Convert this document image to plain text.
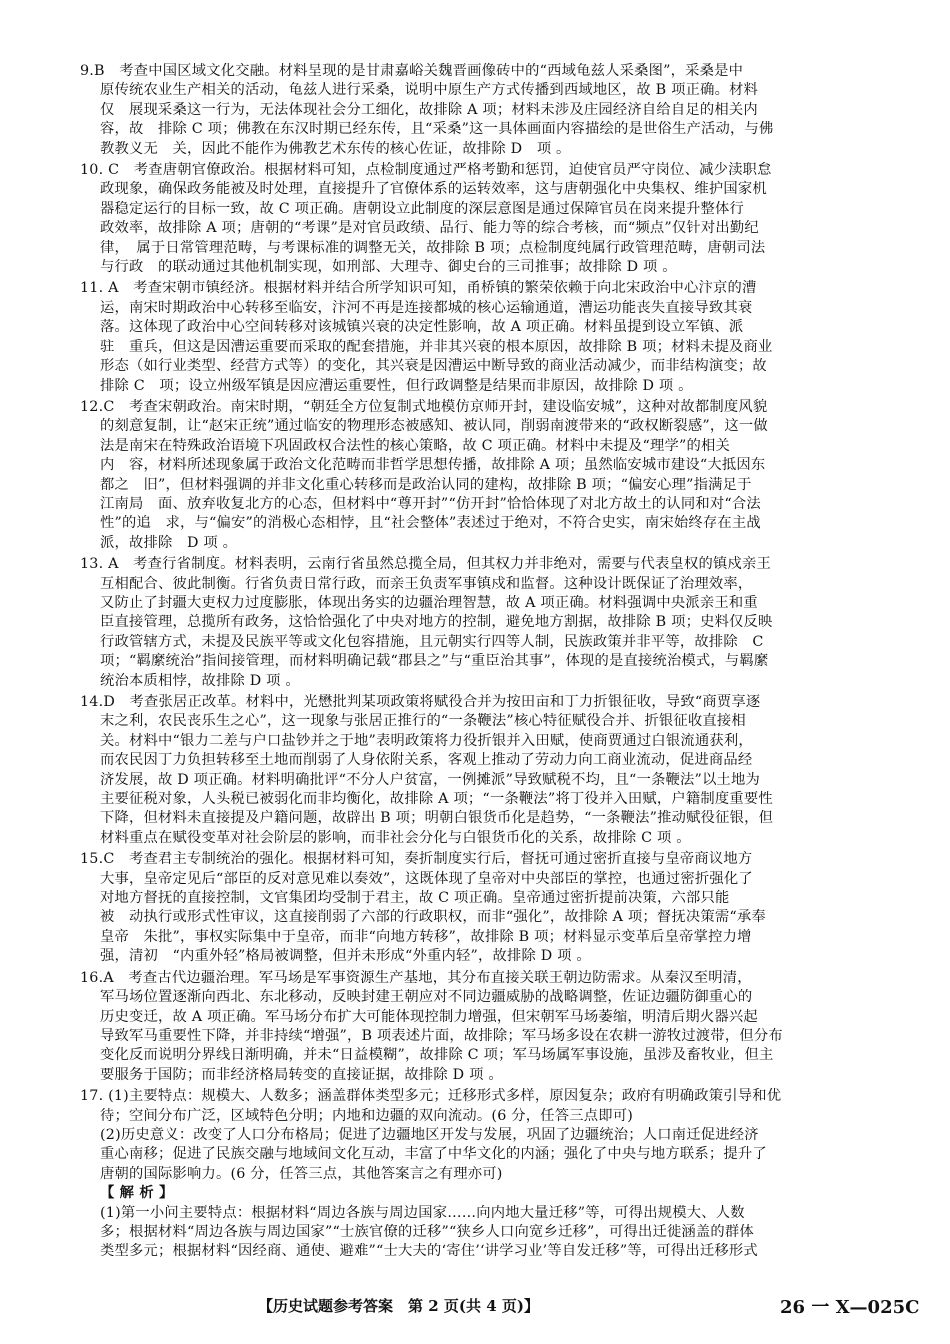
9.B　考查中国区域文化交融。材料呈现的是甘肃嘉峪关魏晋画像砖中的“西域龟兹人采桑图”，采桑是中
原传统农业生产相关的活动，龟兹人进行采桑，说明中原生产方式传播到西域地区，故 B 项正确。材料
仅　展现采桑这一行为，无法体现社会分工细化，故排除 A 项；材料未涉及庄园经济自给自足的相关内
容，故　排除 C 项；佛教在东汉时期已经东传，且“采桑”这一具体画面内容描绘的是世俗生产活动，与佛
教教义无　关，因此不能作为佛教艺术东传的核心佐证，故排除 D　项 。
10. C　考查唐朝官僚政治。根据材料可知，点检制度通过严格考勤和惩罚，迫使官员严守岗位、减少渎职怠
政现象，确保政务能被及时处理，直接提升了官僚体系的运转效率，这与唐朝强化中央集权、维护国家机
器稳定运行的目标一致，故 C 项正确。唐朝设立此制度的深层意图是通过保障官员在岗来提升整体行
政效率，故排除 A 项；唐朝的“考课”是对官员政绩、品行、能力等的综合考核，而“频点”仅针对出勤纪
律，　属于日常管理范畴，与考课标准的调整无关，故排除 B 项；点检制度纯属行政管理范畴，唐朝司法
与行政　的联动通过其他机制实现，如刑部、大理寺、御史台的三司推事；故排除 D 项 。
11. A　考查宋朝市镇经济。根据材料并结合所学知识可知，甬桥镇的繁荣依赖于向北宋政治中心汴京的漕
运，南宋时期政治中心转移至临安，汴河不再是连接都城的核心运输通道，漕运功能丧失直接导致其衰
落。这体现了政治中心空间转移对该城镇兴衰的决定性影响，故 A 项正确。材料虽提到设立军镇、派
驻　重兵，但这是因漕运重要而采取的配套措施，并非其兴衰的根本原因，故排除 B 项；材料未提及商业
形态（如行业类型、经营方式等）的变化，其兴衰是因漕运中断导致的商业活动减少，而非结构演变；故
排除 C　项；设立州级军镇是因应漕运重要性，但行政调整是结果而非原因，故排除 D 项 。
12.C　考查宋朝政治。南宋时期，“朝廷全方位复制式地模仿京师开封，建设临安城”，这种对故都制度风貌
的刻意复制，让“赵宋正统”通过临安的物理形态被感知、被认同，削弱南渡带来的“政权断裂感”，这一做
法是南宋在特殊政治语境下巩固政权合法性的核心策略，故 C 项正确。材料中未提及“理学”的相关
内　容，材料所述现象属于政治文化范畴而非哲学思想传播，故排除 A 项；虽然临安城市建设“大抵因东
都之　旧”，但材料强调的并非文化重心转移而是政治认同的建构，故排除 B 项；“偏安心理”指满足于
江南局　面、放弃收复北方的心态，但材料中“尊开封”“仿开封”恰恰体现了对北方故土的认同和对“合法
性”的追　求，与“偏安”的消极心态相悖，且“社会整体”表述过于绝对，不符合史实，南宋始终存在主战
派，故排除　D 项 。
13. A　考查行省制度。材料表明，云南行省虽然总揽全局，但其权力并非绝对，需要与代表皇权的镇戍亲王
互相配合、彼此制衡。行省负责日常行政，而亲王负责军事镇戍和监督。这种设计既保证了治理效率，
又防止了封疆大吏权力过度膨胀，体现出务实的边疆治理智慧，故 A 项正确。材料强调中央派亲王和重
臣直接管理，总揽所有政务，这恰恰强化了中央对地方的控制，避免地方割据，故排除 B 项；史料仅反映
行政管辖方式，未提及民族平等或文化包容措施，且元朝实行四等人制，民族政策并非平等，故排除　C
项；“羁縻统治”指间接管理，而材料明确记载“郡县之”与“重臣治其事”，体现的是直接统治模式，与羁縻
统治本质相悖，故排除 D 项 。
14.D　考查张居正改革。材料中，光懋批判某项政策将赋役合并为按田亩和丁力折银征收，导致“商贾享逐
末之利，农民丧乐生之心”，这一现象与张居正推行的“一条鞭法”核心特征赋役合并、折银征收直接相
关。材料中“银力二差与户口盐钞并之于地”表明政策将力役折银并入田赋，使商贾通过白银流通获利，
而农民因丁力负担转移至土地而削弱了人身依附关系，客观上推动了劳动力向工商业流动，促进商品经
济发展，故 D 项正确。材料明确批评“不分人户贫富，一例摊派”导致赋税不均，且“一条鞭法”以土地为
主要征税对象，人头税已被弱化而非均衡化，故排除 A 项；“一条鞭法”将丁役并入田赋，户籍制度重要性
下降，但材料未直接提及户籍问题，故辟出 B 项；明朝白银货币化是趋势，“一条鞭法”推动赋役征银，但
材料重点在赋役变革对社会阶层的影响，而非社会分化与白银货币化的关系，故排除 C 项 。
15.C　考查君主专制统治的强化。根据材料可知，奏折制度实行后，督抚可通过密折直接与皇帝商议地方
大事，皇帝定见后“部臣的反对意见难以奏效”，这既体现了皇帝对中央部臣的掌控，也通过密折强化了
对地方督抚的直接控制，文官集团均受制于君主，故 C 项正确。皇帝通过密折提前决策，六部只能
被　动执行或形式性审议，这直接削弱了六部的行政职权，而非“强化”，故排除 A 项；督抚决策需“承奉
皇帝　朱批”，事权实际集中于皇帝，而非“向地方转移”，故排除 B 项；材料显示变革后皇帝掌控力增
强，清初　“内重外轻”格局被调整，但并未形成“外重内轻”，故排除 D 项 。
16.A　考查古代边疆治理。军马场是军事资源生产基地，其分布直接关联王朝边防需求。从秦汉至明清，
军马场位置逐渐向西北、东北移动，反映封建王朝应对不同边疆威胁的战略调整，佐证边疆防御重心的
历史变迁，故 A 项正确。军马场分布扩大可能体现控制力增强，但宋朝军马场萎缩，明清后期火器兴起
导致军马重要性下降，并非持续“增强”，B 项表述片面，故排除；军马场多设在农耕一游牧过渡带，但分布
变化反而说明分界线日渐明确，并未“日益模糊”，故排除 C 项；军马场属军事设施，虽涉及畜牧业，但主
要服务于国防；而非经济格局转变的直接证据，故排除 D 项 。
17. (1)主要特点：规模大、人数多；涵盖群体类型多元；迁移形式多样，原因复杂；政府有明确政策引导和优
待；空间分布广泛，区域特色分明；内地和边疆的双向流动。(6 分，任答三点即可)
(2)历史意义：改变了人口分布格局；促进了边疆地区开发与发展，巩固了边疆统治；人口南迁促进经济
重心南移；促进了民族交融与地域间文化互动，丰富了中华文化的内涵；强化了中央与地方联系；提升了
唐朝的国际影响力。(6 分，任答三点，其他答案言之有理亦可)
【 解 析 】
(1)第一小问主要特点：根据材料“周边各族与周边国家……向内地大量迁移”等，可得出规模大、人数
多；根据材料“周边各族与周边国家”“士族官僚的迁移”“狭乡人口向宽乡迁移”，可得出迁徙涵盖的群体
类型多元；根据材料“因经商、通使、避难”“士大夫的‘寄住’‘讲学习业’等自发迁移”等，可得出迁移形式
【历史试题参考答案　第 2 页(共 4 页)】	26 一 X—025C
